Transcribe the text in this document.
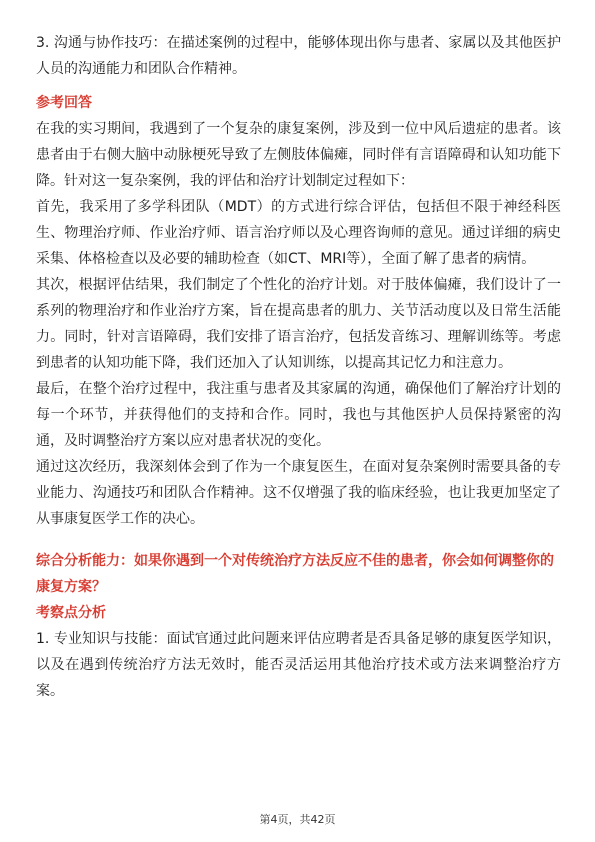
3. 沟通与协作技巧：在描述案例的过程中，能够体现出你与患者、家属以及其他医护人员的沟通能力和团队合作精神。

参考回答

在我的实习期间，我遇到了一个复杂的康复案例，涉及到一位中风后遗症的患者。该患者由于右侧大脑中动脉梗死导致了左侧肢体偏瘫，同时伴有言语障碍和认知功能下降。针对这一复杂案例，我的评估和治疗计划制定过程如下：

首先，我采用了多学科团队（MDT）的方式进行综合评估，包括但不限于神经科医生、物理治疗师、作业治疗师、语言治疗师以及心理咨询师的意见。通过详细的病史采集、体格检查以及必要的辅助检查（如CT、MRI等），全面了解了患者的病情。

其次，根据评估结果，我们制定了个性化的治疗计划。对于肢体偏瘫，我们设计了一系列的物理治疗和作业治疗方案，旨在提高患者的肌力、关节活动度以及日常生活能力。同时，针对言语障碍，我们安排了语言治疗，包括发音练习、理解训练等。考虑到患者的认知功能下降，我们还加入了认知训练，以提高其记忆力和注意力。

最后，在整个治疗过程中，我注重与患者及其家属的沟通，确保他们了解治疗计划的每一个环节，并获得他们的支持和合作。同时，我也与其他医护人员保持紧密的沟通，及时调整治疗方案以应对患者状况的变化。

通过这次经历，我深刻体会到了作为一个康复医生，在面对复杂案例时需要具备的专业能力、沟通技巧和团队合作精神。这不仅增强了我的临床经验，也让我更加坚定了从事康复医学工作的决心。

综合分析能力：如果你遇到一个对传统治疗方法反应不佳的患者，你会如何调整你的康复方案？
考察点分析

1. 专业知识与技能：面试官通过此问题来评估应聘者是否具备足够的康复医学知识，以及在遇到传统治疗方法无效时，能否灵活运用其他治疗技术或方法来调整治疗方案。

第4页，共42页
